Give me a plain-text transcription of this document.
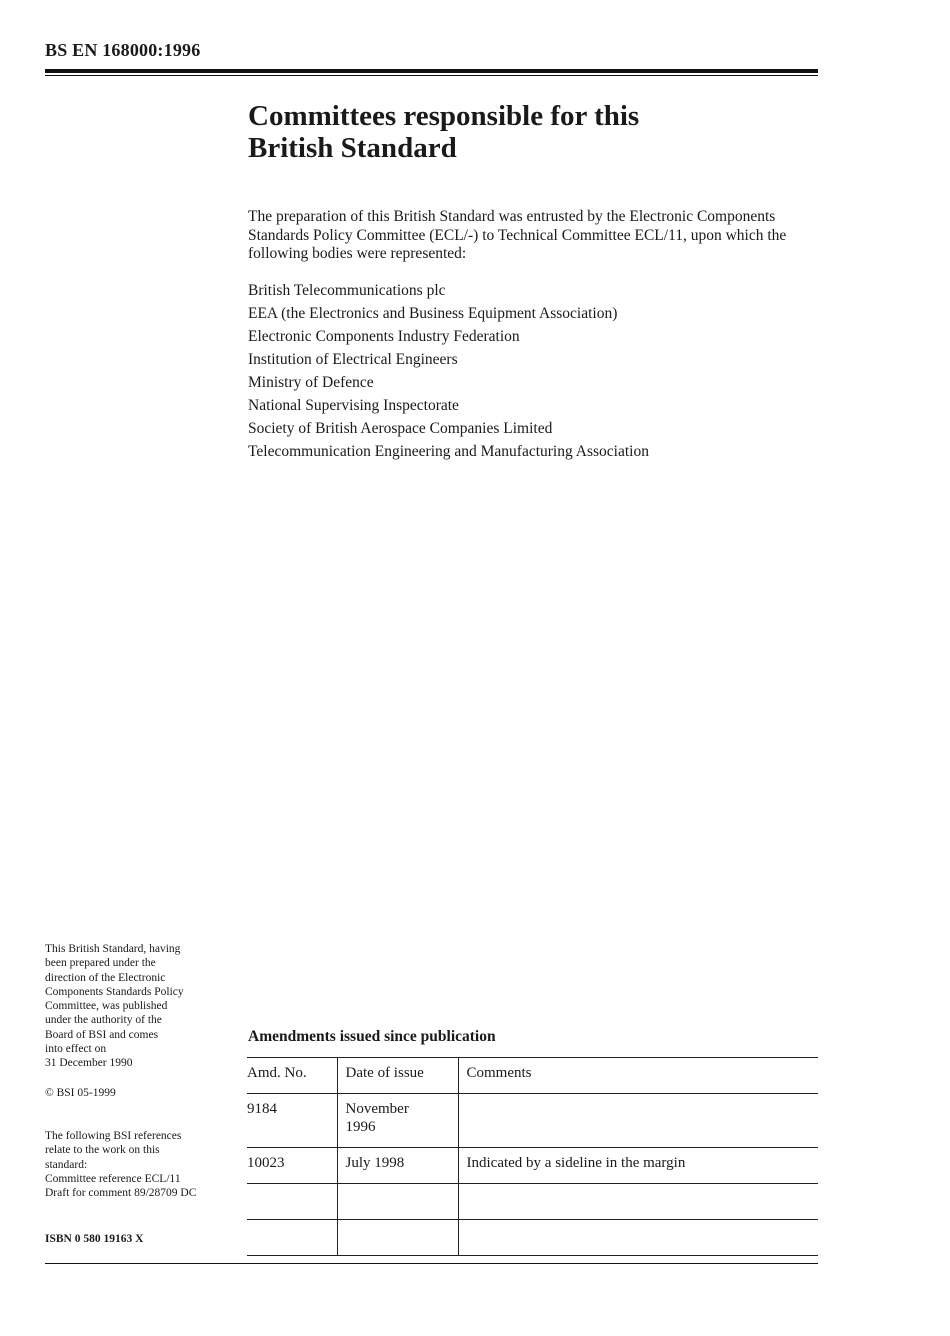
BS EN 168000:1996
Committees responsible for this
British Standard

The preparation of this British Standard was entrusted by the Electronic Components Standards Policy Committee (ECL/-) to Technical Committee ECL/11, upon which the following bodies were represented:

British Telecommunications plc
EEA (the Electronics and Business Equipment Association)
Electronic Components Industry Federation
Institution of Electrical Engineers
Ministry of Defence
National Supervising Inspectorate
Society of British Aerospace Companies Limited
Telecommunication Engineering and Manufacturing Association
This British Standard, having
been prepared under the
direction of the Electronic
Components Standards Policy
Committee, was published
under the authority of the
Board of BSI and comes
into effect on
31 December 1990
© BSI 05-1999
The following BSI references
relate to the work on this
standard:
Committee reference ECL/11
Draft for comment 89/28709 DC
ISBN 0 580 19163 X
Amendments issued since publication
Amd. No.	Date of issue	Comments
9184	November
1996	
10023	July 1998	Indicated by a sideline in the margin
